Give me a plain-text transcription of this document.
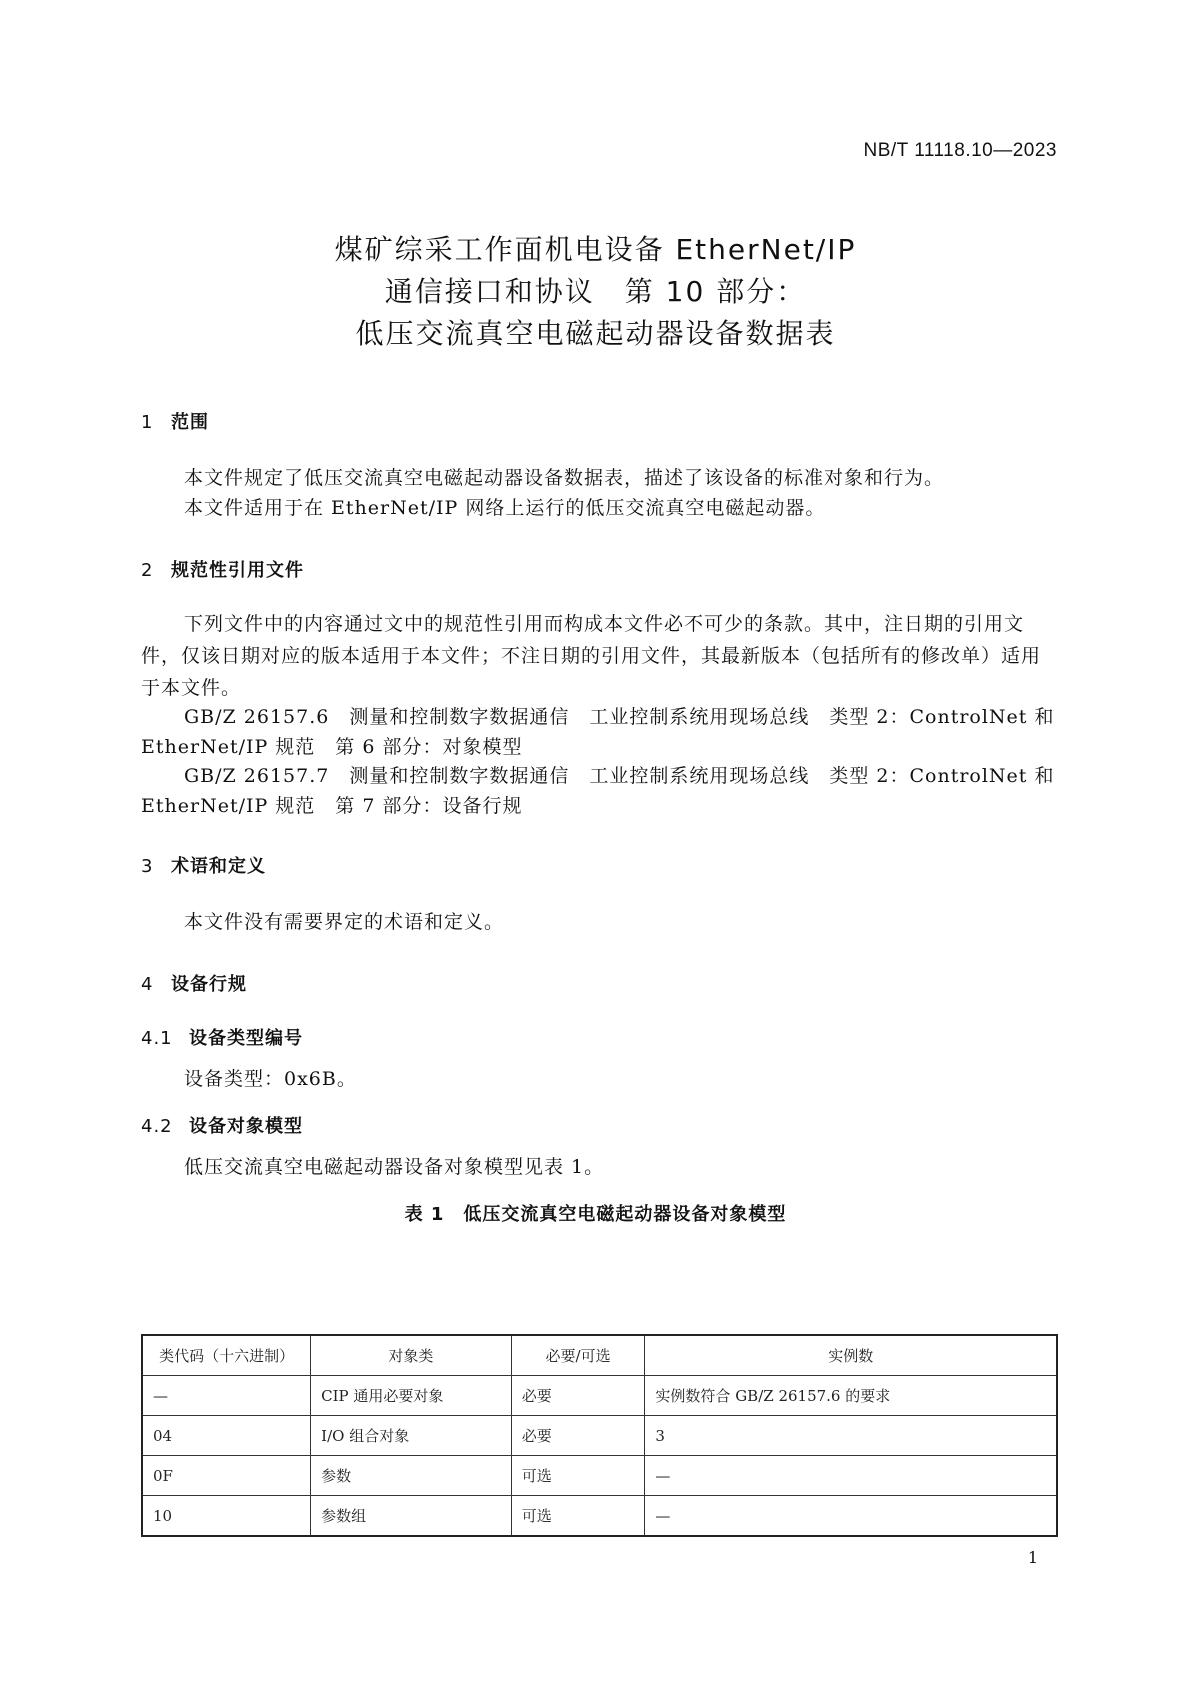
NB/T 11118.10—2023
煤矿综采工作面机电设备 EtherNet/IP
通信接口和协议　第 10 部分：
低压交流真空电磁起动器设备数据表
1 范围
本文件规定了低压交流真空电磁起动器设备数据表，描述了该设备的标准对象和行为。
本文件适用于在 EtherNet/IP 网络上运行的低压交流真空电磁起动器。
2 规范性引用文件
下列文件中的内容通过文中的规范性引用而构成本文件必不可少的条款。其中，注日期的引用文件，仅该日期对应的版本适用于本文件；不注日期的引用文件，其最新版本（包括所有的修改单）适用于本文件。
GB/Z 26157.6　测量和控制数字数据通信　工业控制系统用现场总线　类型 2：ControlNet 和
EtherNet/IP 规范　第 6 部分：对象模型
GB/Z 26157.7　测量和控制数字数据通信　工业控制系统用现场总线　类型 2：ControlNet 和
EtherNet/IP 规范　第 7 部分：设备行规
3 术语和定义
本文件没有需要界定的术语和定义。
4 设备行规
4.1 设备类型编号
设备类型：0x6B。
4.2 设备对象模型
低压交流真空电磁起动器设备对象模型见表 1。
表 1　低压交流真空电磁起动器设备对象模型
类代码（十六进制）	对象类	必要/可选	实例数
—	CIP 通用必要对象	必要	实例数符合 GB/Z 26157.6 的要求
04	I/O 组合对象	必要	3
0F	参数	可选	—
10	参数组	可选	—
1
